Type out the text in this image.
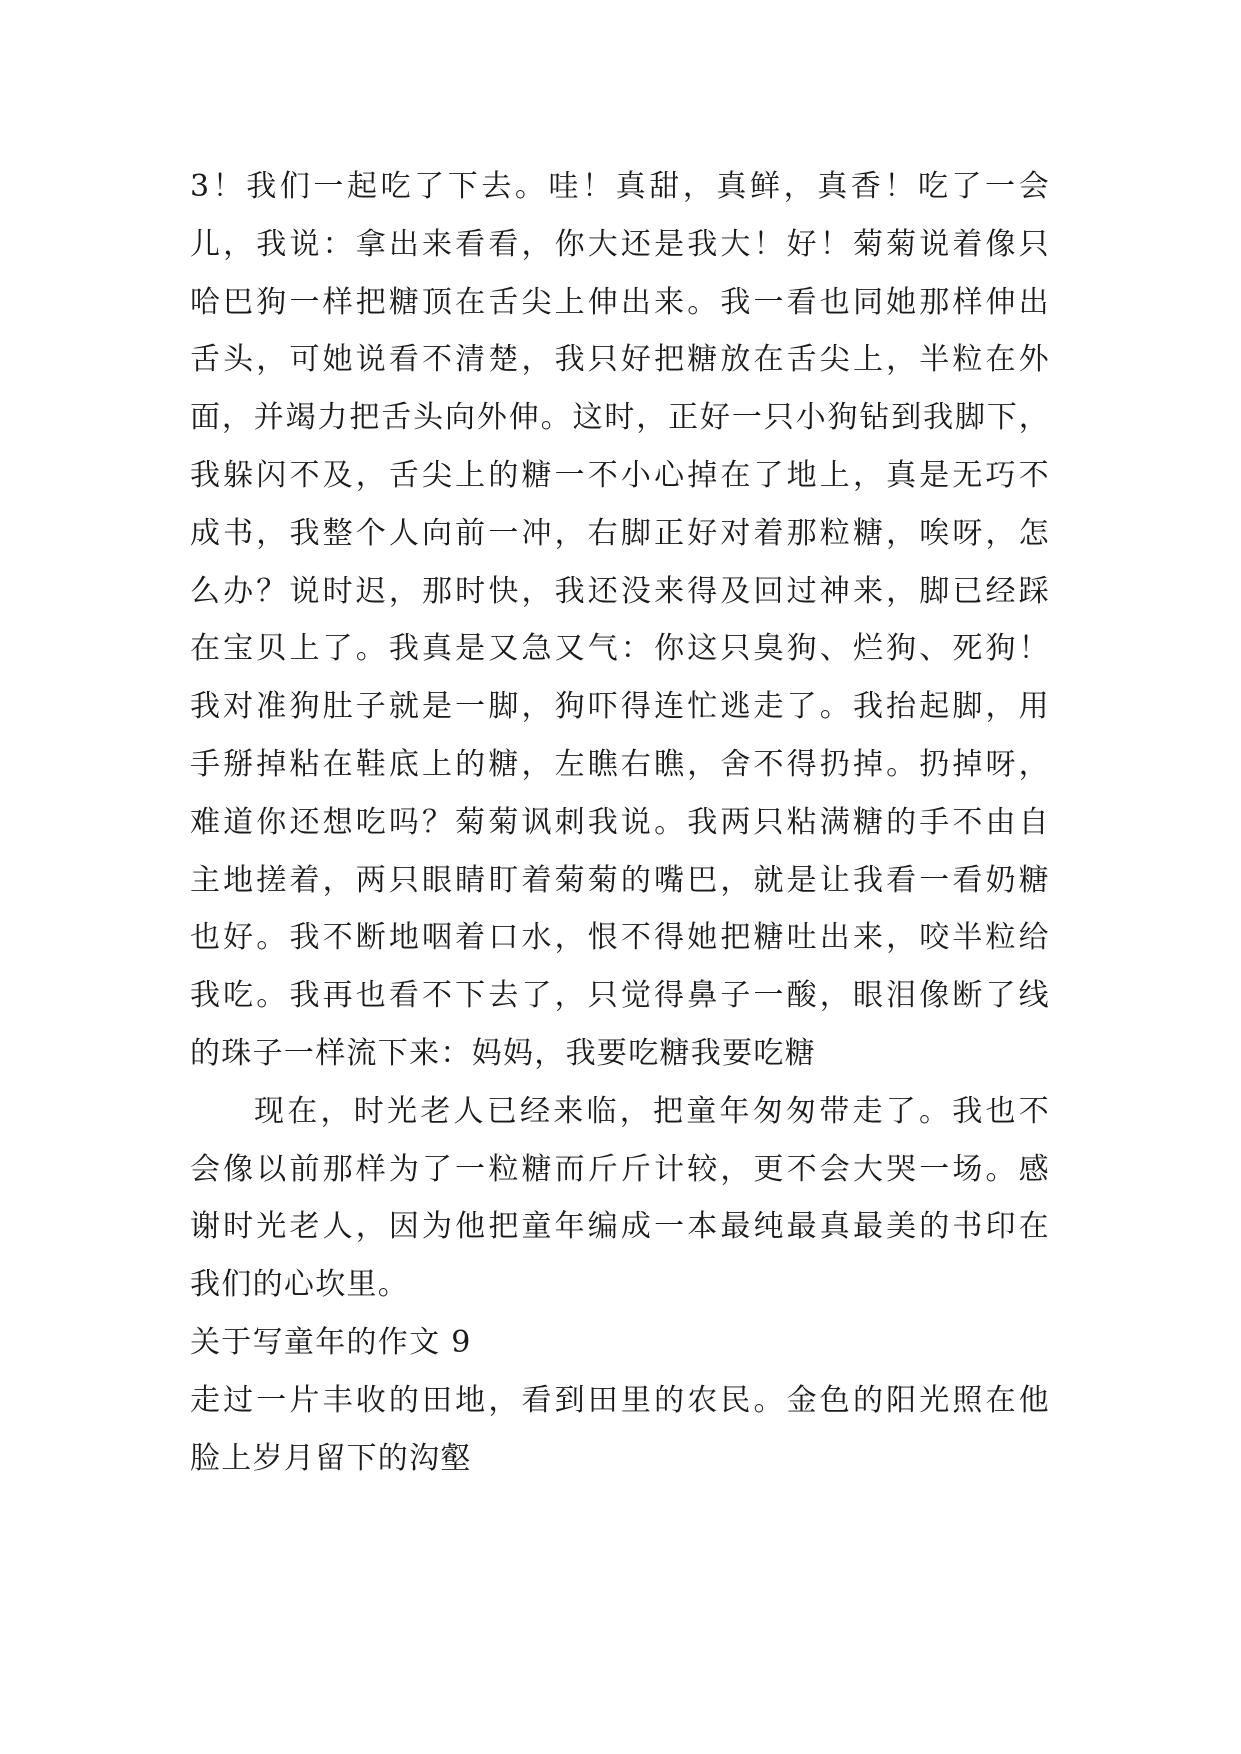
3！我们一起吃了下去。哇！真甜，真鲜，真香！吃了一会
儿，我说：拿出来看看，你大还是我大！好！菊菊说着像只
哈巴狗一样把糖顶在舌尖上伸出来。我一看也同她那样伸出
舌头，可她说看不清楚，我只好把糖放在舌尖上，半粒在外
面，并竭力把舌头向外伸。这时，正好一只小狗钻到我脚下，
我躲闪不及，舌尖上的糖一不小心掉在了地上，真是无巧不
成书，我整个人向前一冲，右脚正好对着那粒糖，唉呀，怎
么办？说时迟，那时快，我还没来得及回过神来，脚已经踩
在宝贝上了。我真是又急又气：你这只臭狗、烂狗、死狗！
我对准狗肚子就是一脚，狗吓得连忙逃走了。我抬起脚，用
手掰掉粘在鞋底上的糖，左瞧右瞧，舍不得扔掉。扔掉呀，
难道你还想吃吗？菊菊讽刺我说。我两只粘满糖的手不由自
主地搓着，两只眼睛盯着菊菊的嘴巴，就是让我看一看奶糖
也好。我不断地咽着口水，恨不得她把糖吐出来，咬半粒给
我吃。我再也看不下去了，只觉得鼻子一酸，眼泪像断了线
的珠子一样流下来：妈妈，我要吃糖我要吃糖
现在，时光老人已经来临，把童年匆匆带走了。我也不
会像以前那样为了一粒糖而斤斤计较，更不会大哭一场。感
谢时光老人，因为他把童年编成一本最纯最真最美的书印在
我们的心坎里。
关于写童年的作文 9
走过一片丰收的田地，看到田里的农民。金色的阳光照在他
脸上岁月留下的沟壑
